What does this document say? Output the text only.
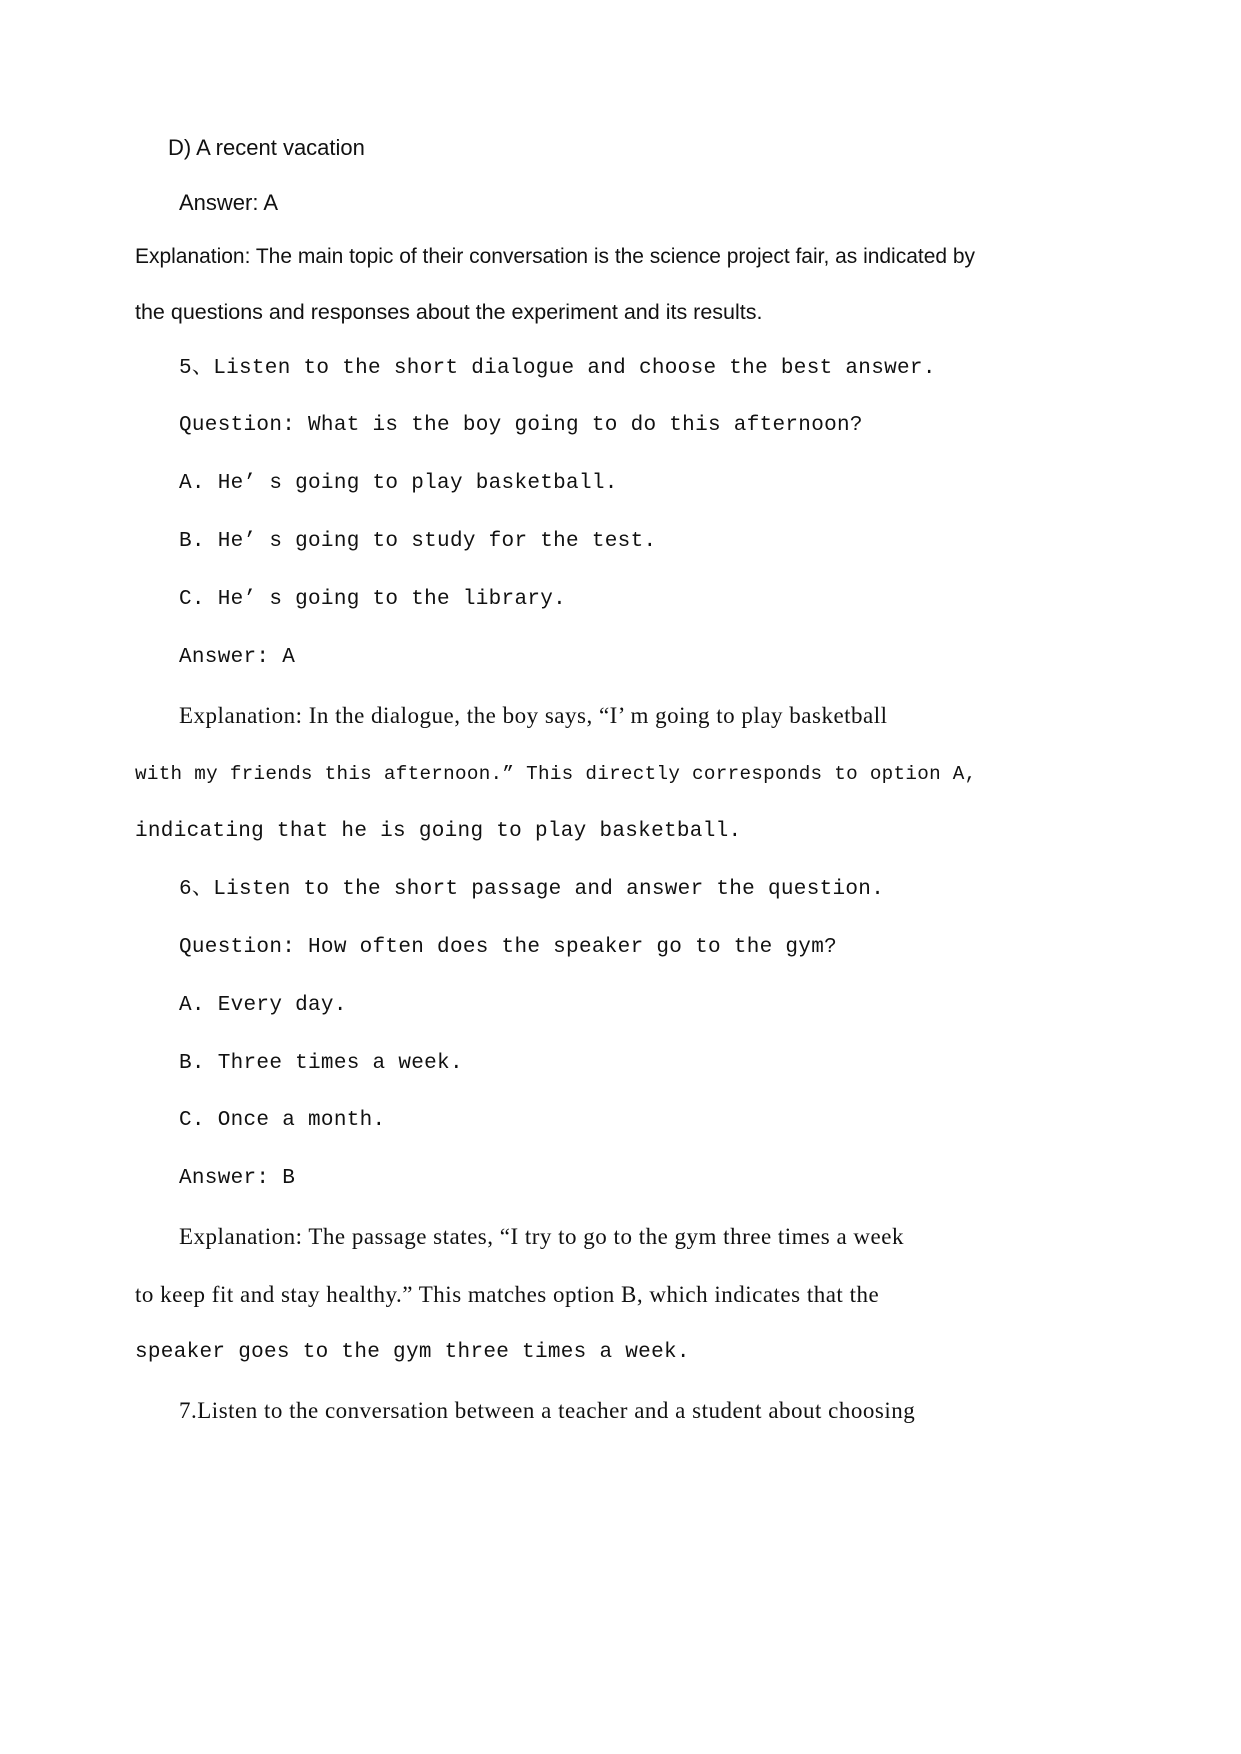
D) A recent vacation
Answer: A
Explanation: The main topic of their conversation is the science project fair, as indicated by
the questions and responses about the experiment and its results.
5、Listen to the short dialogue and choose the best answer.
Question: What is the boy going to do this afternoon?
A. He’ s going to play basketball.
B. He’ s going to study for the test.
C. He’ s going to the library.
Answer: A
Explanation: In the dialogue, the boy says, “I’ m going to play basketball
with my friends this afternoon.” This directly corresponds to option A,
indicating that he is going to play basketball.
6、Listen to the short passage and answer the question.
Question: How often does the speaker go to the gym?
A. Every day.
B. Three times a week.
C. Once a month.
Answer: B
Explanation: The passage states, “I try to go to the gym three times a week
to keep fit and stay healthy.” This matches option B, which indicates that the
speaker goes to the gym three times a week.
7.Listen to the conversation between a teacher and a student about choosing
